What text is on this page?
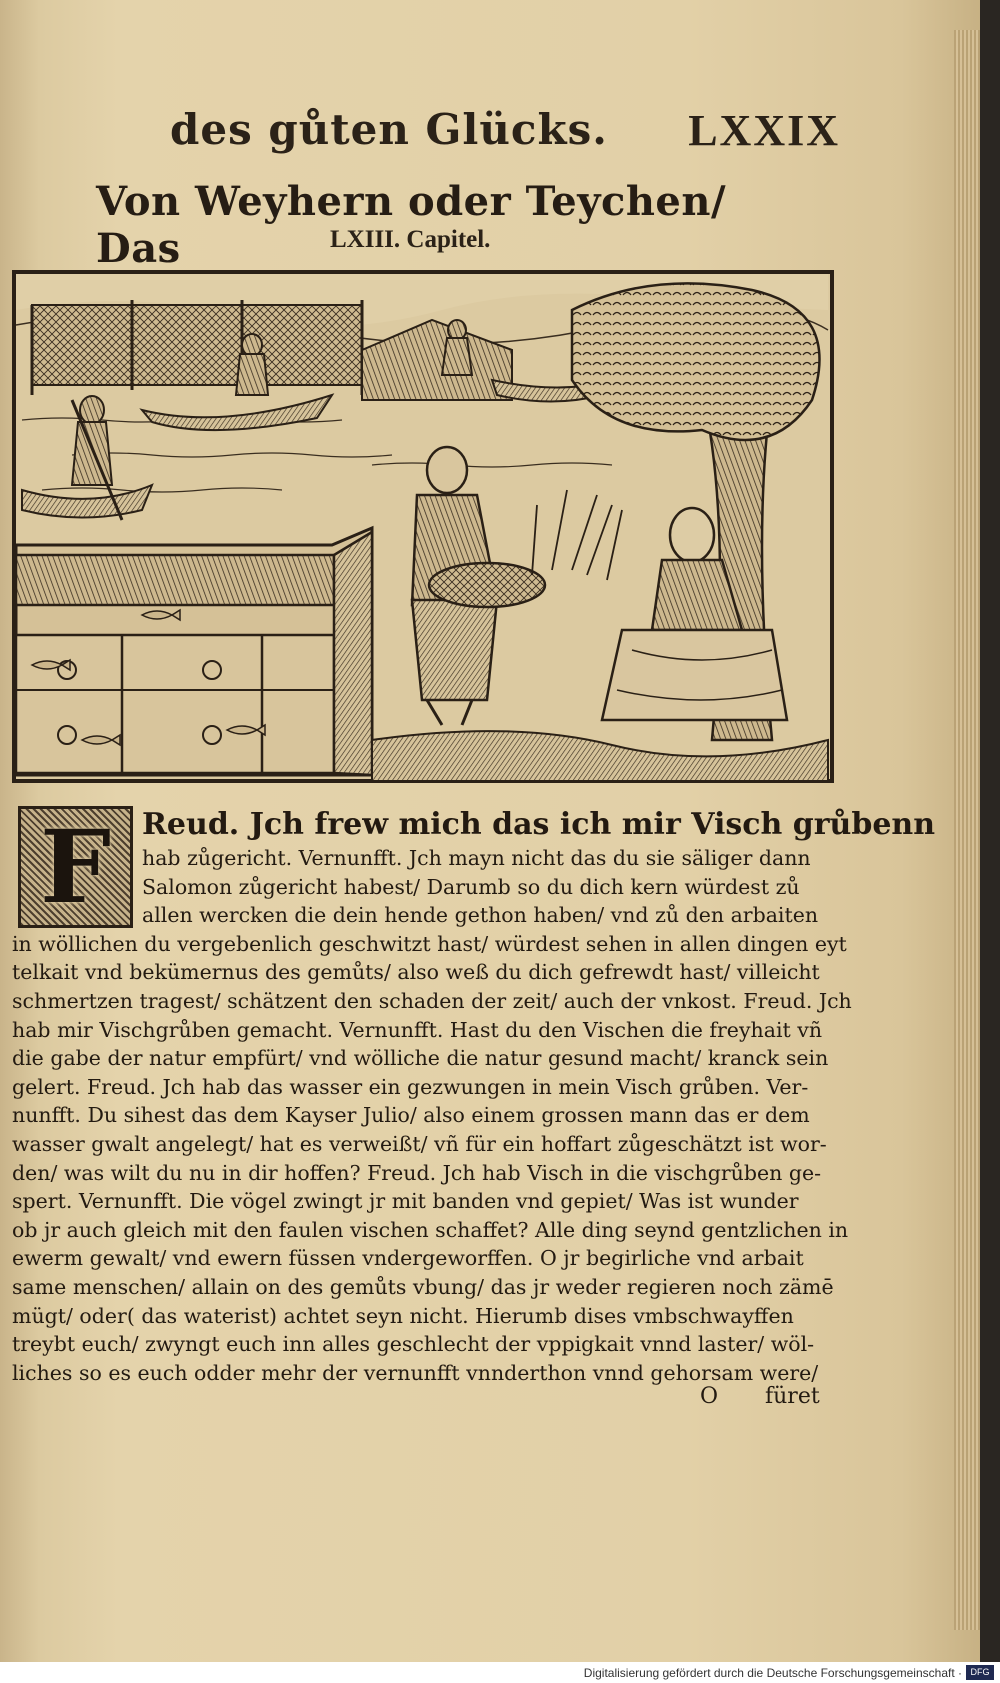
des gůten Glücks. LXXIX
Von Weyhern oder Teychen/ Das	LXIII. Capitel.
F	Reud. Jch frew mich das ich mir Visch grůbenn
hab zůgericht. Vernunfft. Jch mayn nicht das du sie säliger dann
Salomon zůgericht habest/ Darumb so du dich kern würdest zů
allen wercken die dein hende gethon haben/ vnd zů den arbaiten
in wöllichen du vergebenlich geschwitzt hast/ würdest sehen in allen dingen eyt
telkait vnd bekümernus des gemůts/ also weß du dich gefrewdt hast/ villeicht
schmertzen tragest/ schätzent den schaden der zeit/ auch der vnkost. Freud. Jch
hab mir Vischgrůben gemacht. Vernunfft. Hast du den Vischen die freyhait vñ
die gabe der natur empfürt/ vnd wölliche die natur gesund macht/ kranck sein
gelert. Freud. Jch hab das wasser ein gezwungen in mein Visch grůben. Ver-
nunfft. Du sihest das dem Kayser Julio/ also einem grossen mann das er dem
wasser gwalt angelegt/ hat es verweißt/ vñ für ein hoffart zůgeschätzt ist wor-
den/ was wilt du nu in dir hoffen? Freud. Jch hab Visch in die vischgrůben ge-
spert. Vernunfft. Die vögel zwingt jr mit banden vnd gepiet/ Was ist wunder
ob jr auch gleich mit den faulen vischen schaffet? Alle ding seynd gentzlichen in
ewerm gewalt/ vnd ewern füssen vndergeworffen. O jr begirliche vnd arbait
same menschen/ allain on des gemůts vbung/ das jr weder regieren noch zämē
mügt/ oder( das waterist) achtet seyn nicht. Hierumb dises vmbschwayffen
treybt euch/ zwyngt euch inn alles geschlecht der vppigkait vnnd laster/ wöl-
liches so es euch odder mehr der vernunfft vnnderthon vnnd gehorsam were/
O füret
Digitalisierung gefördert durch die Deutsche Forschungsgemeinschaft · DFG
